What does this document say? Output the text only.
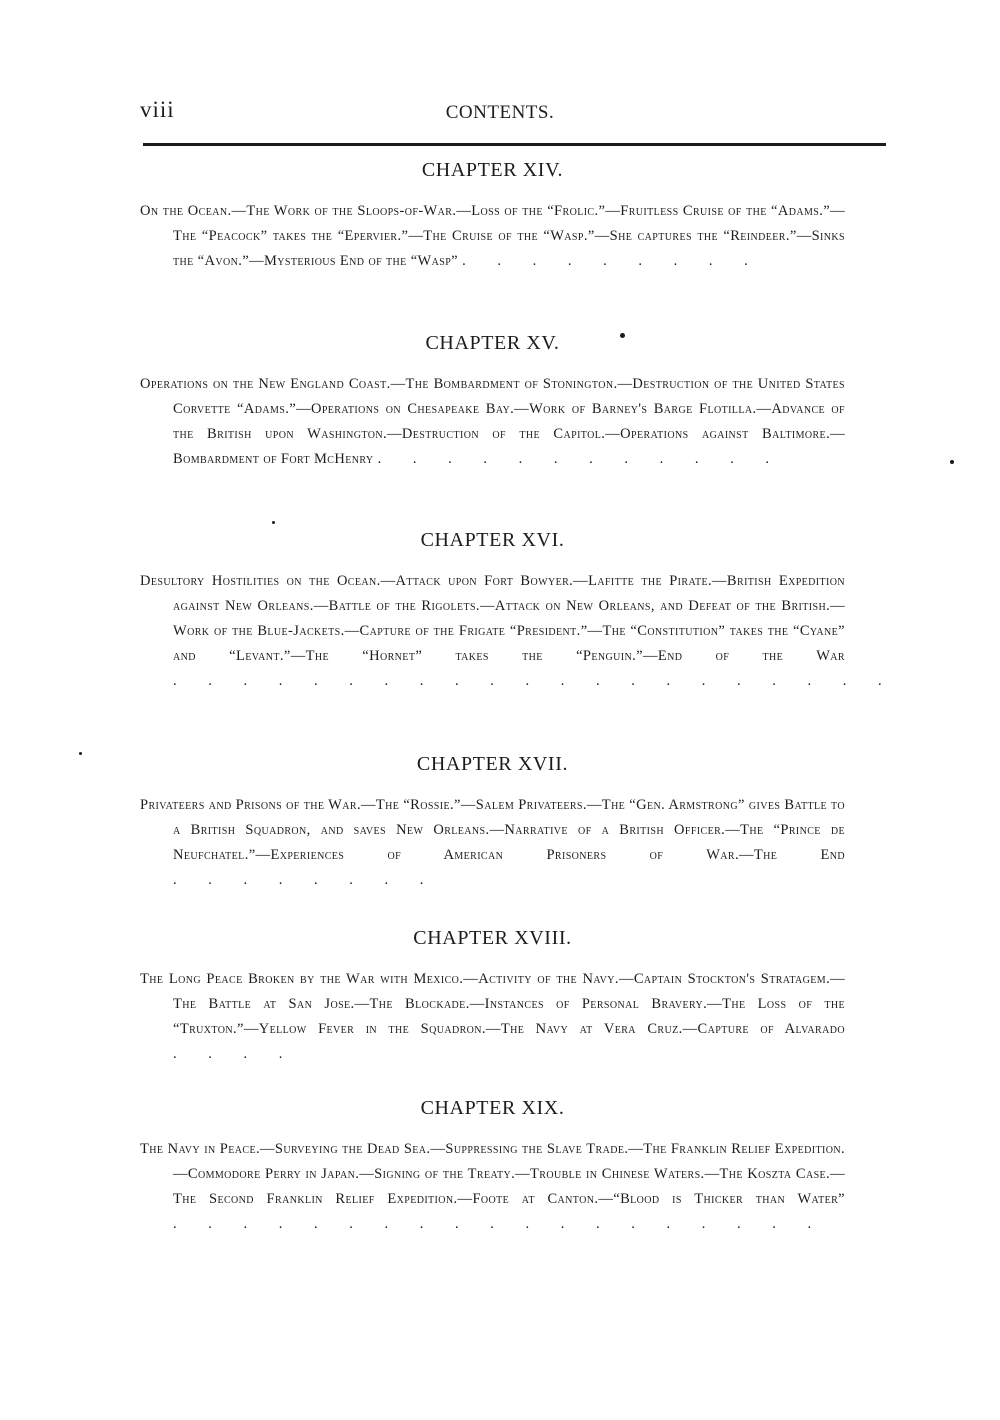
viii	CONTENTS.
CHAPTER XIV.
On the Ocean.—The Work of the Sloops-of-War.—Loss of the “Frolic.”—Fruitless Cruise of the “Adams.”—The “Peacock” takes the “Epervier.”—The Cruise of the “Wasp.”—She captures the “Reindeer.”—Sinks the “Avon.”—Mysterious End of the “Wasp” . . . . . . . . .
CHAPTER XV.
Operations on the New England Coast.—The Bombardment of Stonington.—Destruction of the United States Corvette “Adams.”—Operations on Chesapeake Bay.—Work of Barney's Barge Flotilla.—Advance of the British upon Washington.—Destruction of the Capitol.—Operations against Baltimore.—Bombardment of Fort McHenry . . . . . . . . . . . .
CHAPTER XVI.
Desultory Hostilities on the Ocean.—Attack upon Fort Bowyer.—Lafitte the Pirate.—British Expedition against New Orleans.—Battle of the Rigolets.—Attack on New Orleans, and Defeat of the British.—Work of the Blue-Jackets.—Capture of the Frigate “President.”—The “Constitution” takes the “Cyane” and “Levant.”—The “Hornet” takes the “Penguin.”—End of the War . . . . . . . . . . . . . . . . . . . . .
CHAPTER XVII.
Privateers and Prisons of the War.—The “Rossie.”—Salem Privateers.—The “Gen. Armstrong” gives Battle to a British Squadron, and saves New Orleans.—Narrative of a British Officer.—The “Prince de Neufchatel.”—Experiences of American Prisoners of War.—The End . . . . . . . .
CHAPTER XVIII.
The Long Peace Broken by the War with Mexico.—Activity of the Navy.—Captain Stockton's Stratagem.—The Battle at San Jose.—The Blockade.—Instances of Personal Bravery.—The Loss of the “Truxton.”—Yellow Fever in the Squadron.—The Navy at Vera Cruz.—Capture of Alvarado . . . .
CHAPTER XIX.
The Navy in Peace.—Surveying the Dead Sea.—Suppressing the Slave Trade.—The Franklin Relief Expedition.—Commodore Perry in Japan.—Signing of the Treaty.—Trouble in Chinese Waters.—The Koszta Case.—The Second Franklin Relief Expedition.—Foote at Canton.—“Blood is Thicker than Water” . . . . . . . . . . . . . . . . . . .
